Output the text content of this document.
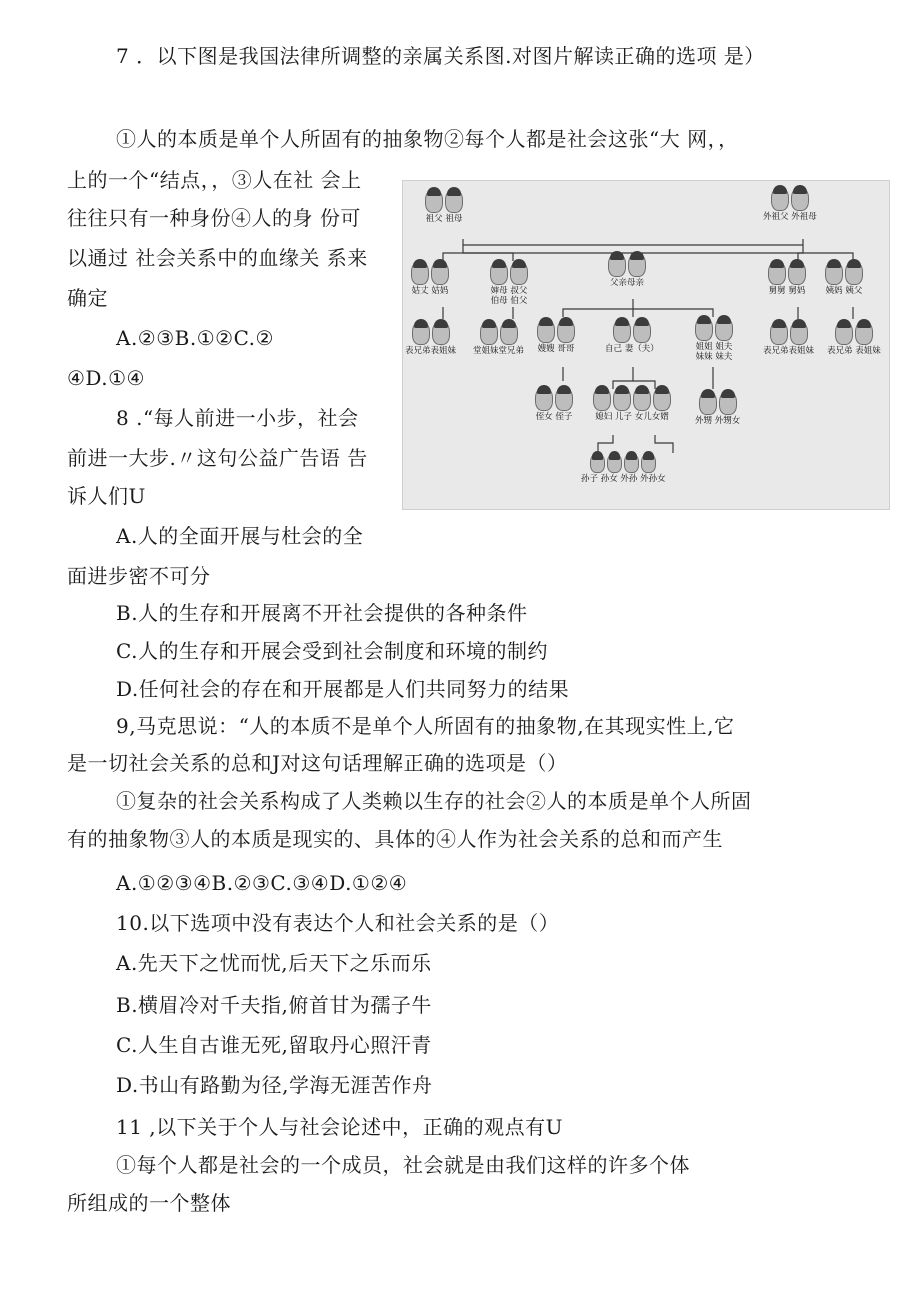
7 ．以下图是我国法律所调整的亲属关系图.对图片解读正确的选项 是）

①人的本质是单个人所固有的抽象物②每个人都是社会这张“大 网，，

上的一个“结点，，③人在社 会上

往往只有一种身份④人的身 份可

以通过 社会关系中的血缘关 系来

确定

A.②③B.①②C.②

④D.①④

8 .“每人前进一小步，社会

前进一大步.〃这句公益广告语 告

诉人们U

A.人的全面开展与杜会的全

面进步密不可分

B.人的生存和开展离不开社会提供的各种条件

C.人的生存和开展会受到社会制度和环境的制约

D.任何社会的存在和开展都是人们共同努力的结果

9,马克思说：“人的本质不是单个人所固有的抽象物,在其现实性上,它

是一切社会关系的总和J对这句话理解正确的选项是（）

①复杂的社会关系构成了人类赖以生存的社会②人的本质是单个人所固

有的抽象物③人的本质是现实的、具体的④人作为社会关系的总和而产生

A.①②③④B.②③C.③④D.①②④

10.以下选项中没有表达个人和社会关系的是（）

A.先天下之忧而忧,后天下之乐而乐

B.横眉冷对千夫指,俯首甘为孺子牛

C.人生自古谁无死,留取丹心照汗青

D.书山有路勤为径,学海无涯苦作舟

11 ,以下关于个人与社会论述中，正确的观点有U

①每个人都是社会的一个成员，社会就是由我们这样的许多个体

所组成的一个整体

祖父 祖母	外祖父 外祖母
姑丈 姑妈	婶母 叔父 伯母 伯父
父亲母亲
舅舅 舅妈 姨妈 姨父
表兄弟表姐妹 堂姐妹堂兄弟 嫂嫂 哥哥	自己 妻（夫）	姐姐 姐夫 妹妹 妹夫
表兄弟表姐妹 表兄弟 表姐妹
侄女 侄子	媳妇 儿子 女儿女婿	外甥 外甥女
孙子 孙女 外孙 外孙女
